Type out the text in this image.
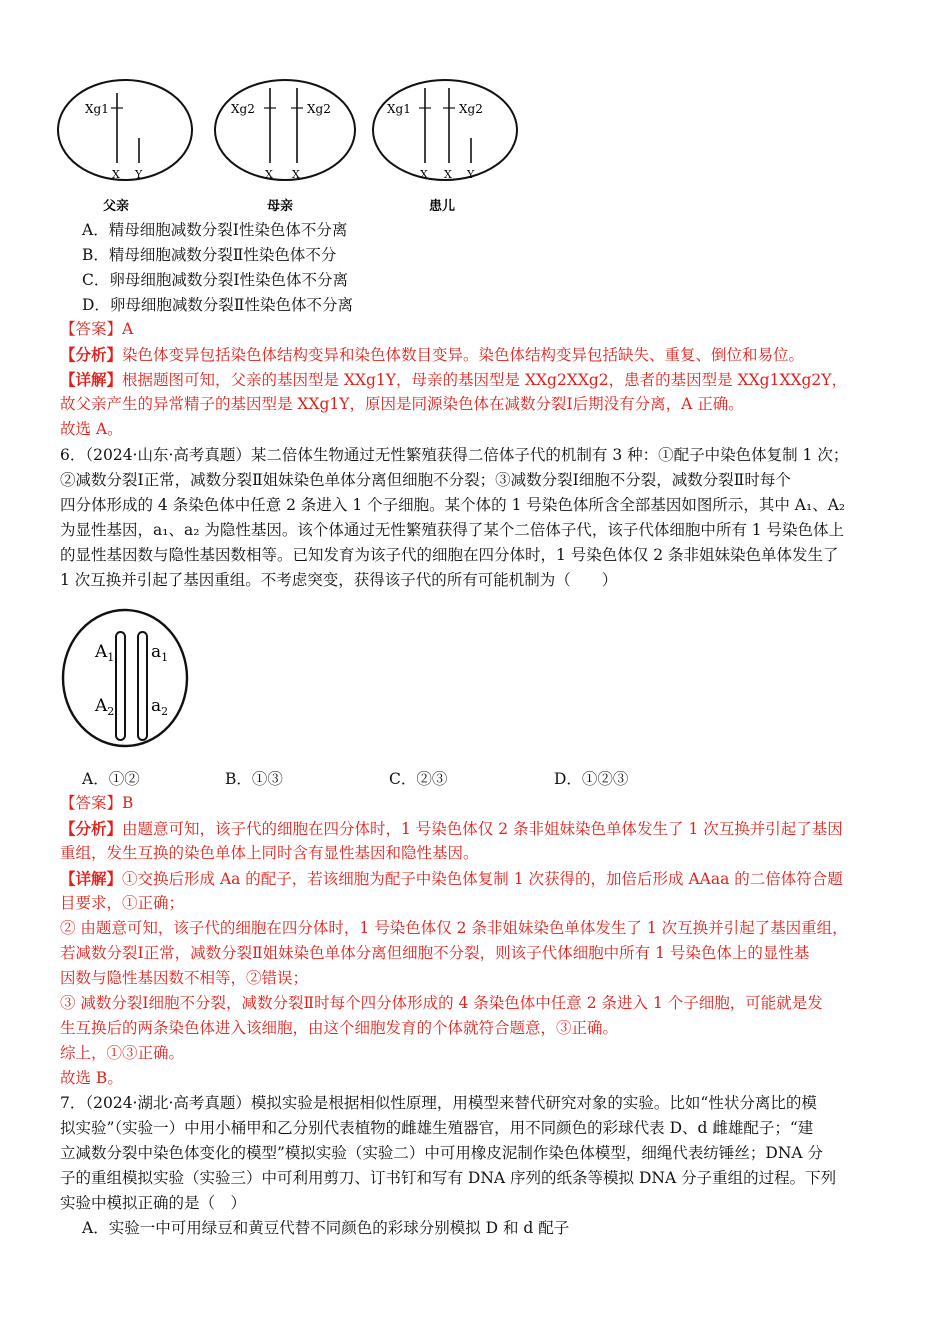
Xg1
X Y
父亲
Xg2	Xg2
X X
母亲
Xg1	Xg2
X X Y
患儿
A．精母细胞减数分裂Ⅰ性染色体不分离
B．精母细胞减数分裂Ⅱ性染色体不分
C．卵母细胞减数分裂Ⅰ性染色体不分离
D．卵母细胞减数分裂Ⅱ性染色体不分离
【答案】A
【分析】染色体变异包括染色体结构变异和染色体数目变异。染色体结构变异包括缺失、重复、倒位和易位。
【详解】根据题图可知，父亲的基因型是 XXg1Y，母亲的基因型是 XXg2XXg2，患者的基因型是 XXg1XXg2Y，
故父亲产生的异常精子的基因型是 XXg1Y，原因是同源染色体在减数分裂Ⅰ后期没有分离，A 正确。
故选 A。
6．（2024·山东·高考真题）某二倍体生物通过无性繁殖获得二倍体子代的机制有 3 种：①配子中染色体复制 1 次；
②减数分裂Ⅰ正常，减数分裂Ⅱ姐妹染色单体分离但细胞不分裂；③减数分裂Ⅰ细胞不分裂，减数分裂Ⅱ时每个
四分体形成的 4 条染色体中任意 2 条进入 1 个子细胞。某个体的 1 号染色体所含全部基因如图所示，其中 A₁、A₂
为显性基因，a₁、a₂ 为隐性基因。该个体通过无性繁殖获得了某个二倍体子代，该子代体细胞中所有 1 号染色体上
的显性基因数与隐性基因数相等。已知发育为该子代的细胞在四分体时，1 号染色体仅 2 条非姐妹染色单体发生了
1 次互换并引起了基因重组。不考虑突变，获得该子代的所有可能机制为（　　）
$A_1$ $a_1$
$A_2$ $a_2$
A．①②	B．①③	C．②③	D．①②③
【答案】B
【分析】由题意可知，该子代的细胞在四分体时，1 号染色体仅 2 条非姐妹染色单体发生了 1 次互换并引起了基因
重组，发生互换的染色单体上同时含有显性基因和隐性基因。
【详解】①交换后形成 Aa 的配子，若该细胞为配子中染色体复制 1 次获得的，加倍后形成 AAaa 的二倍体符合题
目要求，①正确；
② 由题意可知，该子代的细胞在四分体时，1 号染色体仅 2 条非姐妹染色单体发生了 1 次互换并引起了基因重组，
若减数分裂Ⅰ正常，减数分裂Ⅱ姐妹染色单体分离但细胞不分裂，则该子代体细胞中所有 1 号染色体上的显性基
因数与隐性基因数不相等，②错误；
③ 减数分裂Ⅰ细胞不分裂，减数分裂Ⅱ时每个四分体形成的 4 条染色体中任意 2 条进入 1 个子细胞，可能就是发
生互换后的两条染色体进入该细胞，由这个细胞发育的个体就符合题意，③正确。
综上，①③正确。
故选 B。
7．（2024·湖北·高考真题）模拟实验是根据相似性原理，用模型来替代研究对象的实验。比如“性状分离比的模
拟实验”（实验一）中用小桶甲和乙分别代表植物的雌雄生殖器官，用不同颜色的彩球代表 D、d 雌雄配子；“建
立减数分裂中染色体变化的模型”模拟实验（实验二）中可用橡皮泥制作染色体模型，细绳代表纺锤丝；DNA 分
子的重组模拟实验（实验三）中可利用剪刀、订书钉和写有 DNA 序列的纸条等模拟 DNA 分子重组的过程。下列
实验中模拟正确的是（　）
A．实验一中可用绿豆和黄豆代替不同颜色的彩球分别模拟 D 和 d 配子
